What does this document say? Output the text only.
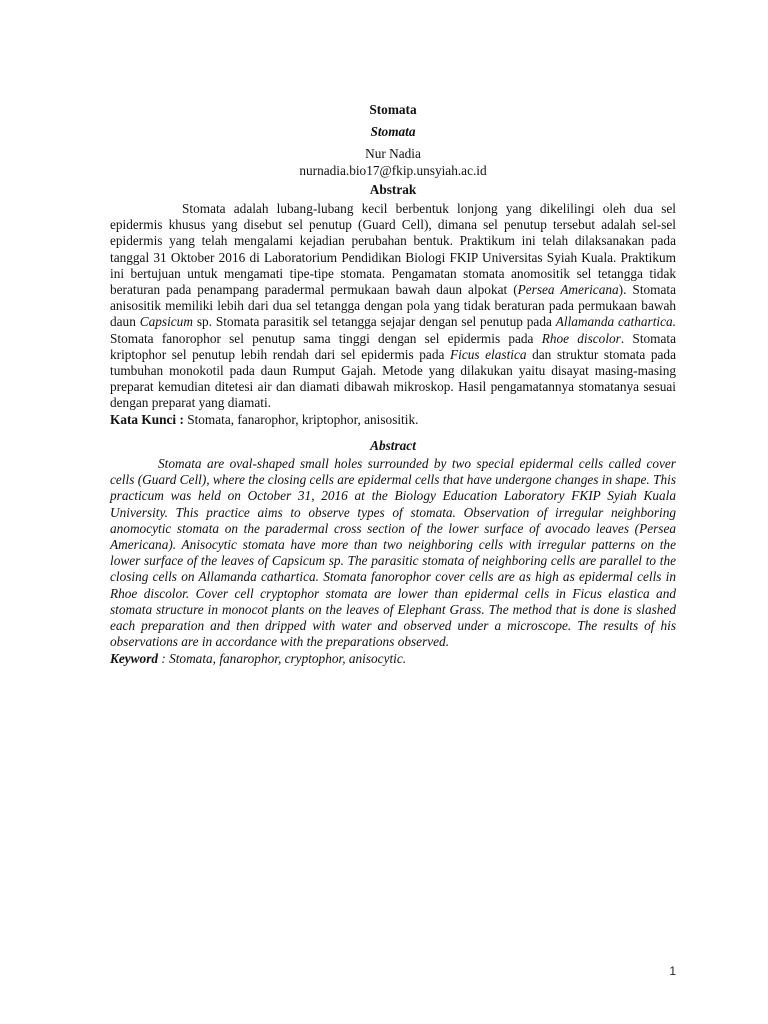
Stomata
Stomata
Nur Nadia
nurnadia.bio17@fkip.unsyiah.ac.id
Abstrak

Stomata adalah lubang-lubang kecil berbentuk lonjong yang dikelilingi oleh dua sel epidermis khusus yang disebut sel penutup (Guard Cell), dimana sel penutup tersebut adalah sel-sel epidermis yang telah mengalami kejadian perubahan bentuk. Praktikum ini telah dilaksanakan pada tanggal 31 Oktober 2016 di Laboratorium Pendidikan Biologi FKIP Universitas Syiah Kuala. Praktikum ini bertujuan untuk mengamati tipe-tipe stomata. Pengamatan stomata anomositik sel tetangga tidak beraturan pada penampang paradermal permukaan bawah daun alpokat (Persea Americana). Stomata anisositik memiliki lebih dari dua sel tetangga dengan pola yang tidak beraturan pada permukaan bawah daun Capsicum sp. Stomata parasitik sel tetangga sejajar dengan sel penutup pada Allamanda cathartica. Stomata fanorophor sel penutup sama tinggi dengan sel epidermis pada Rhoe discolor. Stomata kriptophor sel penutup lebih rendah dari sel epidermis pada Ficus elastica dan struktur stomata pada tumbuhan monokotil pada daun Rumput Gajah. Metode yang dilakukan yaitu disayat masing-masing preparat kemudian ditetesi air dan diamati dibawah mikroskop. Hasil pengamatannya stomatanya sesuai dengan preparat yang diamati.

Kata Kunci : Stomata, fanarophor, kriptophor, anisositik.

Abstract

Stomata are oval-shaped small holes surrounded by two special epidermal cells called cover cells (Guard Cell), where the closing cells are epidermal cells that have undergone changes in shape. This practicum was held on October 31, 2016 at the Biology Education Laboratory FKIP Syiah Kuala University. This practice aims to observe types of stomata. Observation of irregular neighboring anomocytic stomata on the paradermal cross section of the lower surface of avocado leaves (Persea Americana). Anisocytic stomata have more than two neighboring cells with irregular patterns on the lower surface of the leaves of Capsicum sp. The parasitic stomata of neighboring cells are parallel to the closing cells on Allamanda cathartica. Stomata fanorophor cover cells are as high as epidermal cells in Rhoe discolor. Cover cell cryptophor stomata are lower than epidermal cells in Ficus elastica and stomata structure in monocot plants on the leaves of Elephant Grass. The method that is done is slashed each preparation and then dripped with water and observed under a microscope. The results of his observations are in accordance with the preparations observed.

Keyword : Stomata, fanarophor, cryptophor, anisocytic.

1
